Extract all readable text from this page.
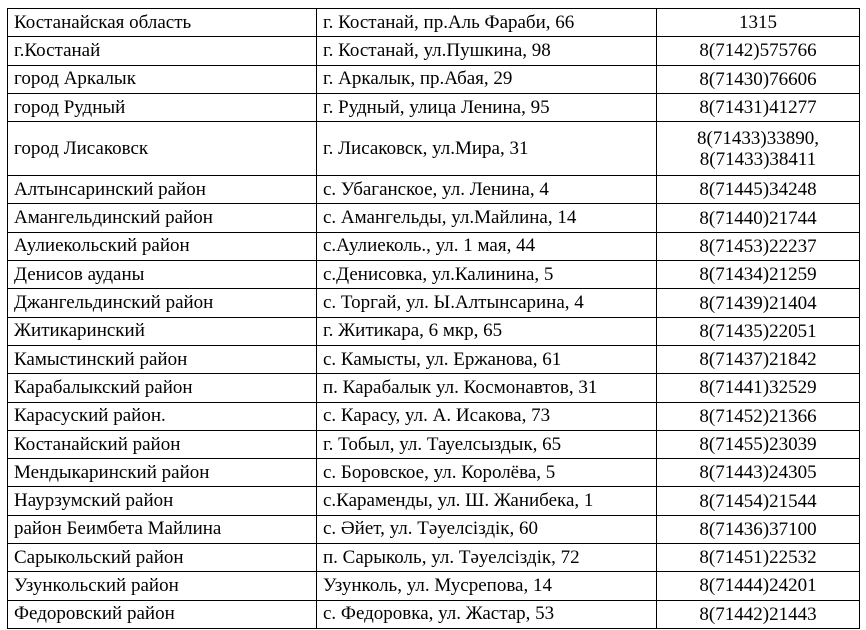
Костанайская область	г. Костанай, пр.Аль Фараби, 66	1315

г.Костанай	г. Костанай, ул.Пушкина, 98	8(7142)575766

город Аркалык	г. Аркалык, пр.Абая, 29	8(71430)76606

город Рудный	г. Рудный, улица Ленина, 95	8(71431)41277

город Лисаковск	г. Лисаковск, ул.Мира, 31	8(71433)33890,
8(71433)38411

Алтынсаринский район	с. Убаганское, ул. Ленина, 4	8(71445)34248

Амангельдинский район	с. Амангельды, ул.Майлина, 14	8(71440)21744

Аулиекольский район	с.Аулиеколь., ул. 1 мая, 44	8(71453)22237

Денисов ауданы	с.Денисовка, ул.Калинина, 5	8(71434)21259

Джангельдинский район	с. Торгай, ул. Ы.Алтынсарина, 4	8(71439)21404

Житикаринский	г. Житикара, 6 мкр, 65	8(71435)22051

Камыстинский район	с. Камысты, ул. Ержанова, 61	8(71437)21842

Карабалыкский район	п. Карабалык ул. Космонавтов, 31	8(71441)32529

Карасуский район.	с. Карасу, ул. А. Исакова, 73	8(71452)21366

Костанайский район	г. Тобыл, ул. Тауелсыздык, 65	8(71455)23039

Мендыкаринский район	с. Боровское, ул. Королёва, 5	8(71443)24305

Наурзумский район	с.Караменды, ул. Ш. Жанибека, 1	8(71454)21544

район Беимбета Майлина	с. Әйет, ул. Тәуелсіздік, 60	8(71436)37100

Сарыкольский район	п. Сарыколь, ул. Тәуелсіздік, 72	8(71451)22532

Узункольский район	Узунколь, ул. Мусрепова, 14	8(71444)24201

Федоровский район	с. Федоровка, ул. Жастар, 53	8(71442)21443
